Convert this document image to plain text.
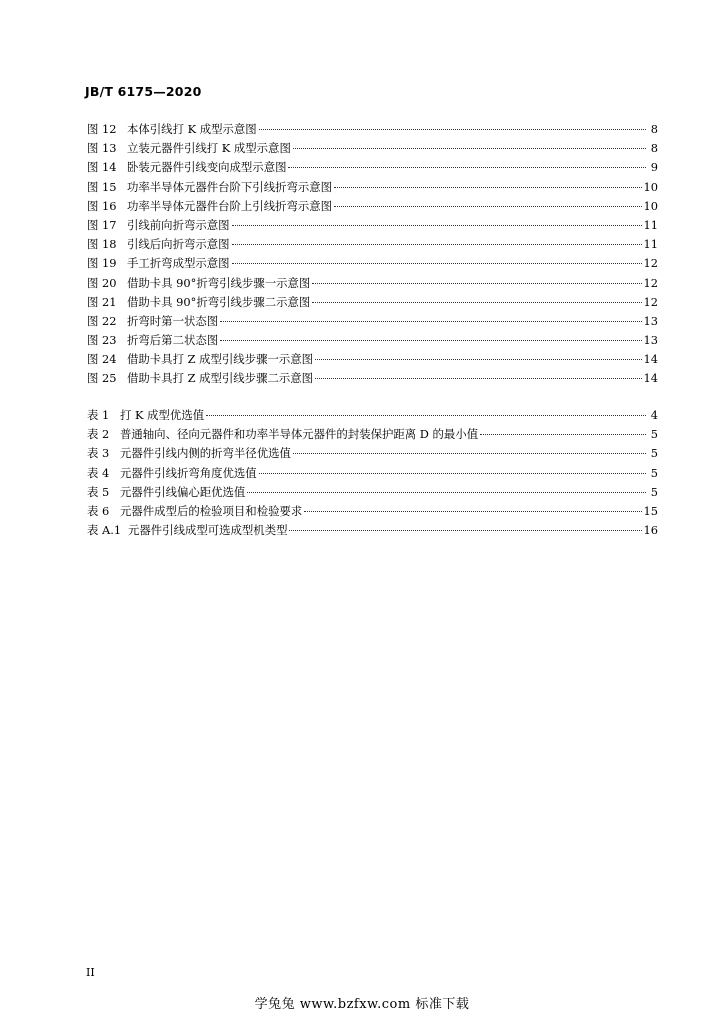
JB/T 6175—2020
图 12 本体引线打 K 成型示意图	8
图 13 立装元器件引线打 K 成型示意图	8
图 14 卧装元器件引线变向成型示意图	9
图 15 功率半导体元器件台阶下引线折弯示意图	10
图 16 功率半导体元器件台阶上引线折弯示意图	10
图 17 引线前向折弯示意图	11
图 18 引线后向折弯示意图	11
图 19 手工折弯成型示意图	12
图 20 借助卡具 90°折弯引线步骤一示意图	12
图 21 借助卡具 90°折弯引线步骤二示意图	12
图 22 折弯时第一状态图	13
图 23 折弯后第二状态图	13
图 24 借助卡具打 Z 成型引线步骤一示意图	14
图 25 借助卡具打 Z 成型引线步骤二示意图	14
表 1 打 K 成型优选值	4
表 2 普通轴向、径向元器件和功率半导体元器件的封装保护距离 D 的最小值	5
表 3 元器件引线内侧的折弯半径优选值	5
表 4 元器件引线折弯角度优选值	5
表 5 元器件引线偏心距优选值	5
表 6 元器件成型后的检验项目和检验要求	15
表 A.1 元器件引线成型可选成型机类型	16
II
学兔兔 www.bzfxw.com 标准下载
